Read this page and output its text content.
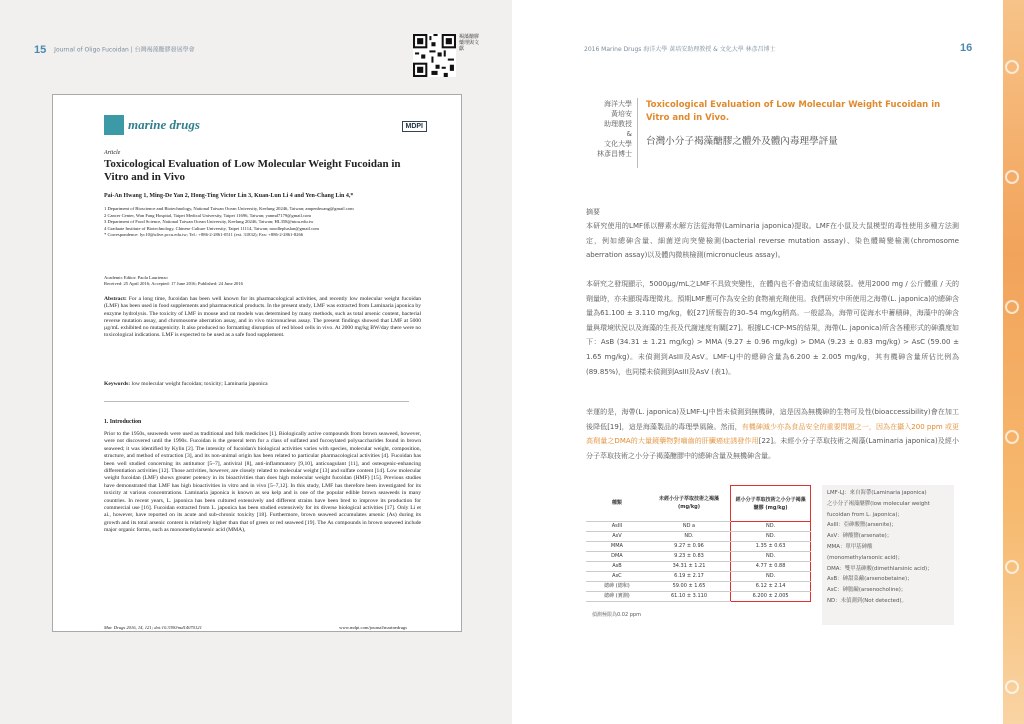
15 Journal of Oligo Fucoidan | 台灣褐藻醣膠發展學會	2016 Marine Drugs 海洋大學 黃培安助理教授 & 文化大學 林彥昌博士	16
褐藻醣膠 藥理與文獻
marine drugs	MDPI
Article
Toxicological Evaluation of Low Molecular Weight Fucoidan in Vitro and in Vivo
Pai-An Hwang 1, Ming-De Yan 2, Hong-Ting Victor Lin 3, Kuan-Lun Li 4 and Yen-Chang Lin 4,*
1 Department of Bioscience and Biotechnology, National Taiwan Ocean University, Keelung 20246, Taiwan; ampenhwang@gmail.com
2 Cancer Center, Wan Fang Hospital, Taipei Medical University, Taipei 11696, Taiwan; yanmd7179@gmail.com
3 Department of Food Science, National Taiwan Ocean University, Keelung 20246, Taiwan; HL358@ntou.edu.tw
4 Graduate Institute of Biotechnology, Chinese Culture University, Taipei 11114, Taiwan; noodlepluslan@gmail.com
* Correspondence: lyc10@ulive.pccu.edu.tw; Tel.: +886-2-2861-0511 (ext. 31832); Fax: +886-2-2861-8266
Academic Editor: Paola Laurienzo
Received: 25 April 2016; Accepted: 17 June 2016; Published: 24 June 2016
Abstract: For a long time, fucoidan has been well known for its pharmacological activities, and recently low molecular weight fucoidan (LMF) has been used in food supplements and pharmaceutical products. In the present study, LMF was extracted from Laminaria japonica by enzyme hydrolysis. The toxicity of LMF in mouse and rat models was determined by many methods, such as total arsenic content, bacterial reverse mutation assay, and chromosome aberration assay, and in vivo micronucleus assay. The present findings showed that LMF at 5000 µg/mL exhibited no mutagenicity. It also produced no formatting disruption of red blood cells in vivo. At 2000 mg/kg BW/day there were no toxicological indications. LMF is expected to be used as a safe food supplement.
Keywords: low molecular weight fucoidan; toxicity; Laminaria japonica
1. Introduction
Prior to the 1950s, seaweeds were used as traditional and folk medicines [1]. Biologically active compounds from brown seaweed, however, were not discovered until the 1990s. Fucoidan is the general term for a class of sulfated and fucosylated polysaccharides found in brown seaweed; it was identified by Kylin [2]. The intensity of fucoidan's biological activities varies with species, molecular weight, composition, structure, and method of extraction [3], and its non-animal origin has been related to particular pharmacological activities [4]. Fucoidan has been well studied concerning its antitumor [5–7], antiviral [8], anti-inflammatory [9,10], anticoagulant [11], and osteogenic-enhancing differentiation activities [12]. Those activities, however, are closely related to molecular weight [13] and sulfate content [14]. Low molecular weight fucoidan (LMF) shows greater potency in its bioactivities than does high molecular weight fucoidan (HMF) [15]. Previous studies have demonstrated that LMF has high bioactivities in vitro and in vivo [5–7,12]. In this study, LMF has therefore been investigated for its toxicity at various concentrations. Laminaria japonica is known as sea kelp and is one of the popular edible brown seaweeds in many countries. In recent years, L. japonica has been cultured extensively and different strains have been bred to improve its production for commercial use [16]. Fucoidan extracted from L. japonica has been studied extensively for its diverse biological activities [17]. Only Li et al., however, have reported on its acute and sub-chronic toxicity [18]. Furthermore, brown seaweed accumulates arsenic (As) during its growth and its total arsenic content is relatively higher than that of green or red seaweed [19]. The As compounds in brown seaweed include major organic forms, such as monomethylarsenic acid (MMA),
Mar. Drugs 2016, 14, 121; doi:10.3390/md14070121	www.mdpi.com/journal/marinedrugs
海洋大學
黃培安
助理教授
&
文化大學
林彥昌博士
Toxicological Evaluation of Low Molecular Weight Fucoidan in Vitro and in Vivo.
台灣小分子褐藻醣膠之體外及體內毒理學評量
摘要
本研究使用的LMF係以酵素水解方法從海帶(Laminaria japonica)提取。LMF在小鼠及大鼠模型的毒性使用多種方法測定，例如總砷含量、細菌逆向突變檢測(bacterial reverse mutation assay)、染色體畸變檢測(chromosome aberration assay)以及體內微核檢測(micronucleus assay)。
本研究之發現顯示，5000μg/mL之LMF不具致突變性，在體內也不會造成紅血球破裂。使用2000 mg / 公斤體重 / 天的劑量時，亦未顯現毒理徵兆。預期LMF應可作為安全的食物補充劑使用。我們研究中所使用之海帶(L. japonica)的總砷含量為61.100 ± 3.110 mg/kg，較[27]所報告的30–54 mg/kg稍高。一般認為，海帶可從海水中蓄積砷，海藻中的砷含量與環境狀況以及海藻的生長及代謝速度有關[27]。根據LC-ICP-MS的結果，海帶(L. japonica)所含各種形式的砷濃度如下：AsB (34.31 ± 1.21 mg/kg) > MMA (9.27 ± 0.96 mg/kg) > DMA (9.23 ± 0.83 mg/kg) > AsC (59.00 ± 1.65 mg/kg)。未偵測到AsIII及AsV。LMF-LJ中的總砷含量為6.200 ± 2.005 mg/kg，其有機砷含量所佔比例為(89.85%)，也同樣未偵測到AsIII及AsV (表1)。
幸運的是，海帶(L. japonica)及LMF-LJ中皆未偵測到無機砷，這是因為無機砷的生物可及性(bioaccessibility)會在加工後降低[19]，這是海藻製品的毒理學風險。然而，有機砷減少亦為食品安全的重要問題之一，因為在攝入200 ppm 或更高劑量之DMA的大量鏡藥物對嚙齒的肝臟癌症誘發作用[22]。未經小分子萃取技術之褐藻(Laminaria japonica)及經小分子萃取技術之小分子褐藻醣膠中的總砷含量及無機砷含量。
種類	未經小分子萃取技術之褐藻 (mg/kg)	經小分子萃取技術之小分子褐藻醣膠 (mg/kg)
AsIII	ND a	ND.
AsV	ND.	ND.
MMA	9.27 ± 0.96	1.35 ± 0.63
DMA	9.23 ± 0.83	ND.
AsB	34.31 ± 1.21	4.77 ± 0.88
AsC	6.19 ± 2.17	ND.
總砷 (總和)	59.00 ± 1.65	6.12 ± 2.14
總砷 (實測)	61.10 ± 3.110	6.200 ± 2.005
偵測極限為0.02 ppm
LMF-LJ：來自海帶(Laminaria japonica)
之小分子褐藻醣膠(low molecular weight
fucoidan from L. japonica)；
AsIII：亞砷酸鹽(arsenite)；
AsV：砷酸鹽(arsenate)；
MMA：單甲基砷酸
(monomethylarsonic acid)；
DMA：雙甲基砷酸(dimethlarsinic acid)；
AsB：砷甜菜鹼(arsenobetaine)；
AsC：砷膽鹼(arsenocholine)；
ND：未偵測到(Not detected)。
